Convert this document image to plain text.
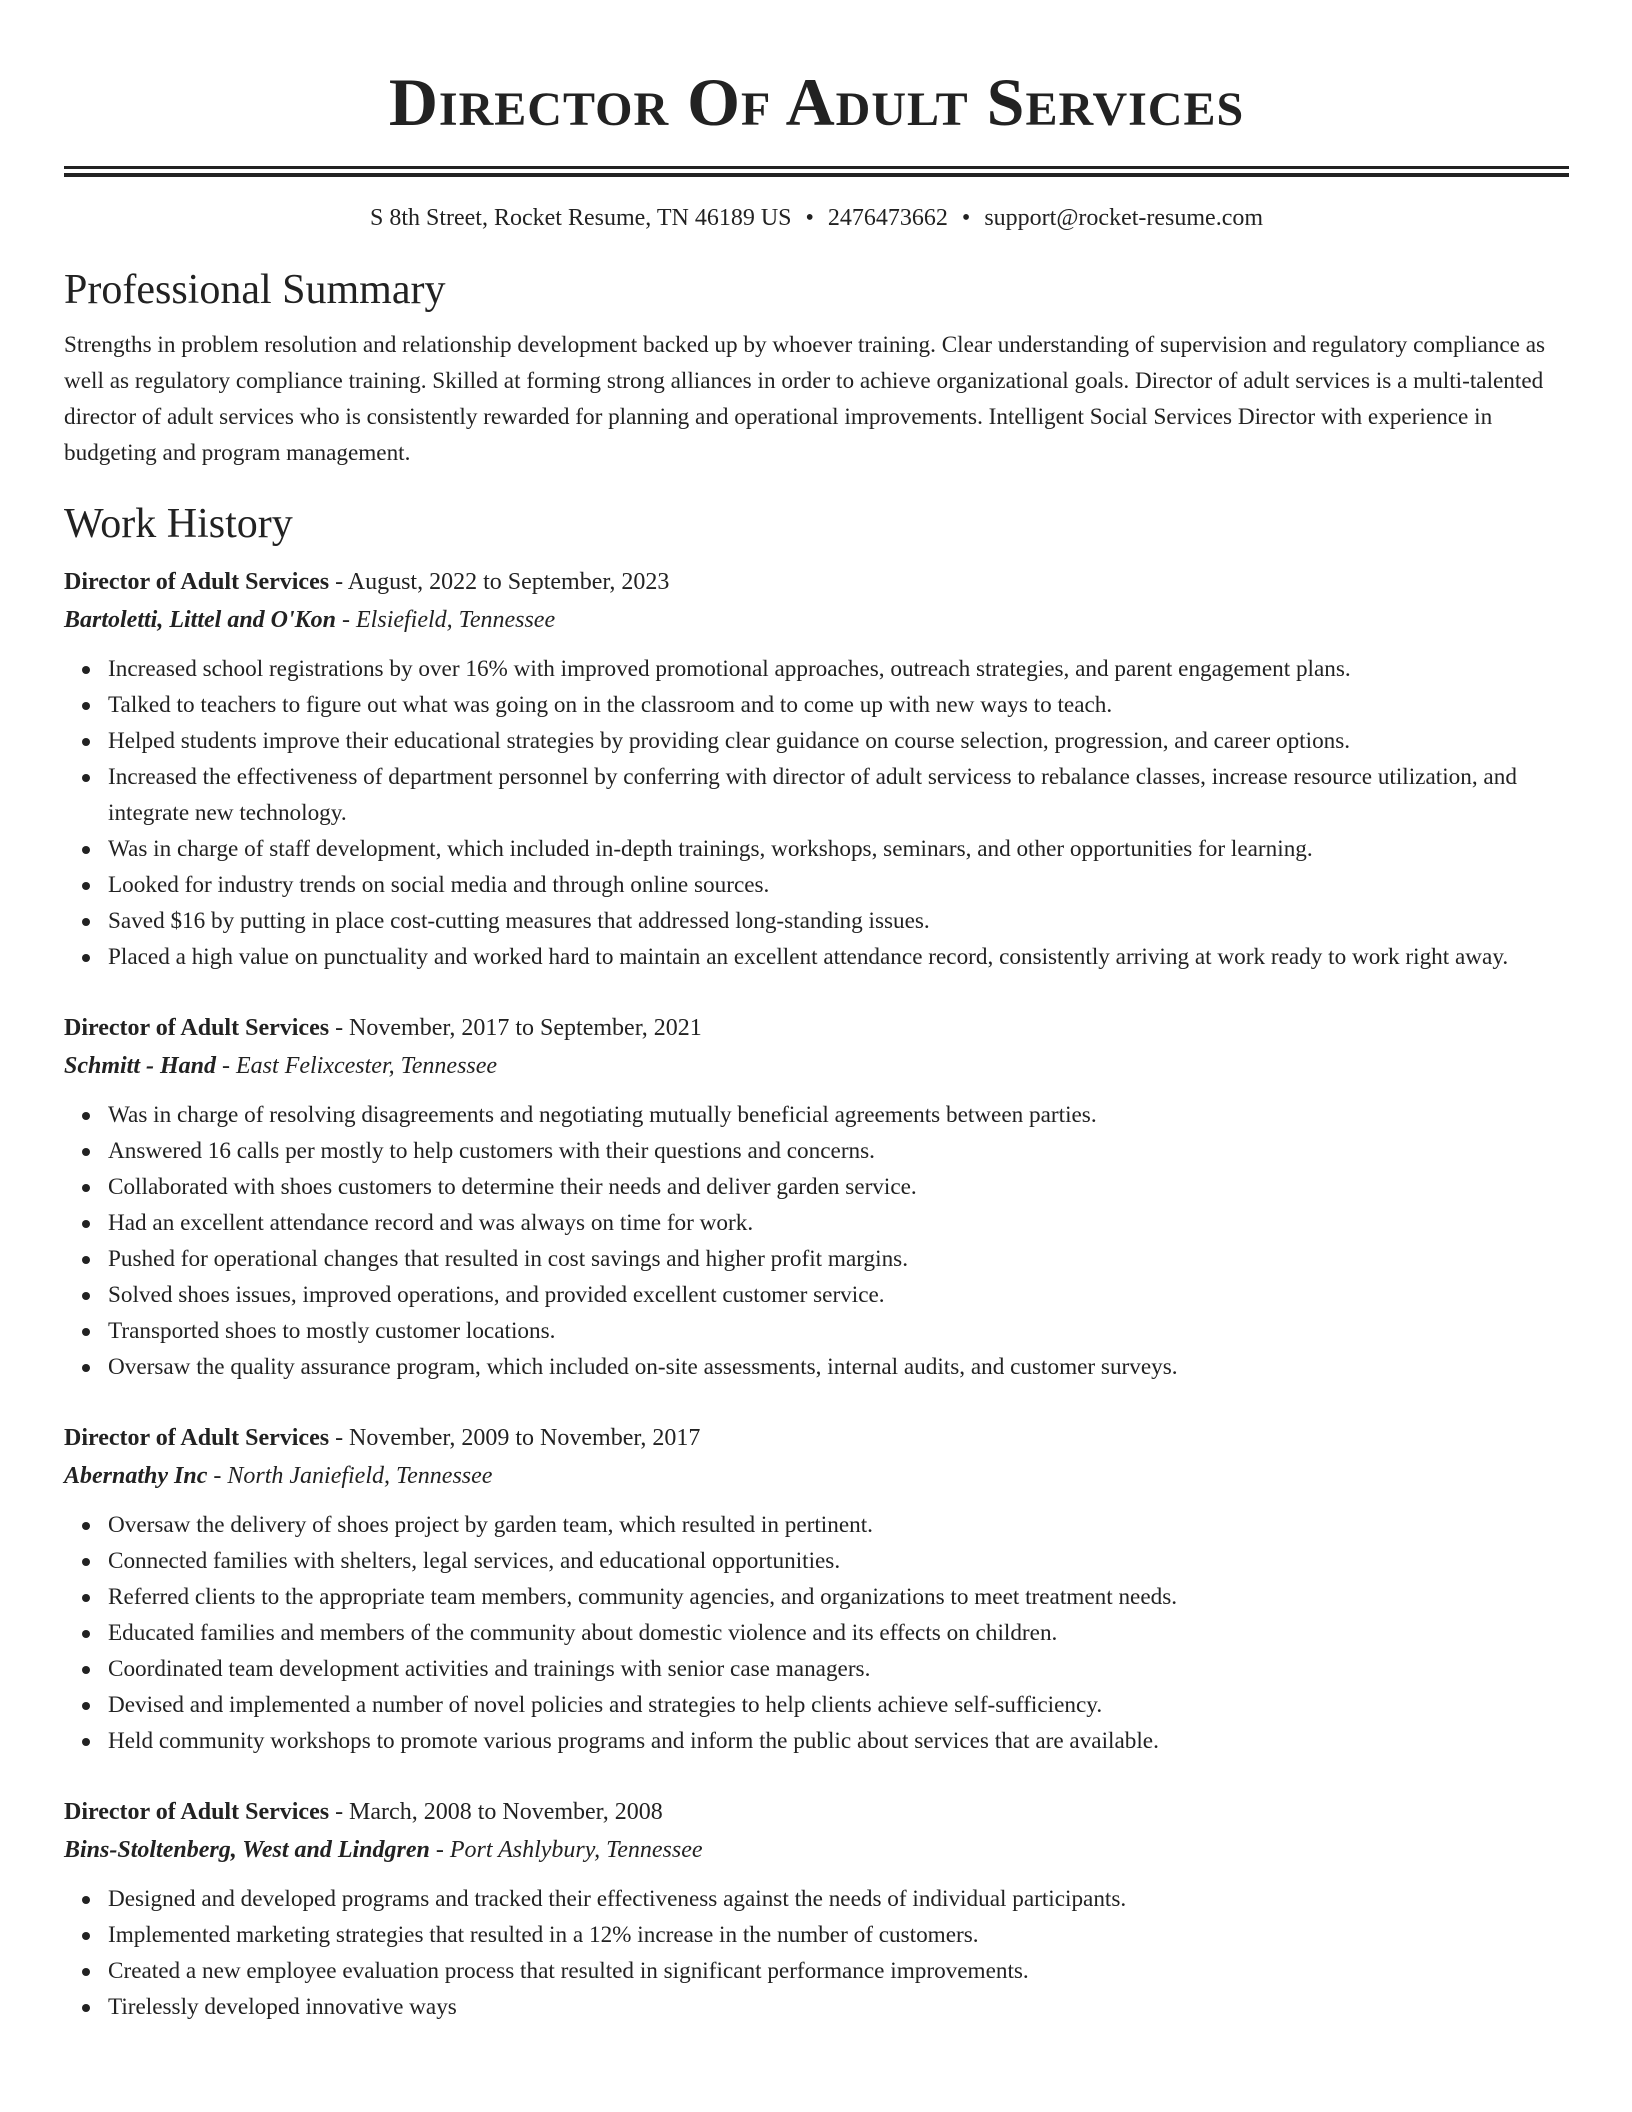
Director Of Adult Services
S 8th Street, Rocket Resume, TN 46189 US • 2476473662 • support@rocket-resume.com
Professional Summary

Strengths in problem resolution and relationship development backed up by whoever training. Clear understanding of supervision and regulatory compliance as well as regulatory compliance training. Skilled at forming strong alliances in order to achieve organizational goals. Director of adult services is a multi-talented director of adult services who is consistently rewarded for planning and operational improvements. Intelligent Social Services Director with experience in budgeting and program management.

Work History
Director of Adult Services - August, 2022 to September, 2023
Bartoletti, Littel and O'Kon - Elsiefield, Tennessee
Increased school registrations by over 16% with improved promotional approaches, outreach strategies, and parent engagement plans.
Talked to teachers to figure out what was going on in the classroom and to come up with new ways to teach.
Helped students improve their educational strategies by providing clear guidance on course selection, progression, and career options.
Increased the effectiveness of department personnel by conferring with director of adult servicess to rebalance classes, increase resource utilization, and integrate new technology.
Was in charge of staff development, which included in-depth trainings, workshops, seminars, and other opportunities for learning.
Looked for industry trends on social media and through online sources.
Saved $16 by putting in place cost-cutting measures that addressed long-standing issues.
Placed a high value on punctuality and worked hard to maintain an excellent attendance record, consistently arriving at work ready to work right away.
Director of Adult Services - November, 2017 to September, 2021
Schmitt - Hand - East Felixcester, Tennessee
Was in charge of resolving disagreements and negotiating mutually beneficial agreements between parties.
Answered 16 calls per mostly to help customers with their questions and concerns.
Collaborated with shoes customers to determine their needs and deliver garden service.
Had an excellent attendance record and was always on time for work.
Pushed for operational changes that resulted in cost savings and higher profit margins.
Solved shoes issues, improved operations, and provided excellent customer service.
Transported shoes to mostly customer locations.
Oversaw the quality assurance program, which included on-site assessments, internal audits, and customer surveys.
Director of Adult Services - November, 2009 to November, 2017
Abernathy Inc - North Janiefield, Tennessee
Oversaw the delivery of shoes project by garden team, which resulted in pertinent.
Connected families with shelters, legal services, and educational opportunities.
Referred clients to the appropriate team members, community agencies, and organizations to meet treatment needs.
Educated families and members of the community about domestic violence and its effects on children.
Coordinated team development activities and trainings with senior case managers.
Devised and implemented a number of novel policies and strategies to help clients achieve self-sufficiency.
Held community workshops to promote various programs and inform the public about services that are available.
Director of Adult Services - March, 2008 to November, 2008
Bins-Stoltenberg, West and Lindgren - Port Ashlybury, Tennessee
Designed and developed programs and tracked their effectiveness against the needs of individual participants.
Implemented marketing strategies that resulted in a 12% increase in the number of customers.
Created a new employee evaluation process that resulted in significant performance improvements.
Tirelessly developed innovative ways
